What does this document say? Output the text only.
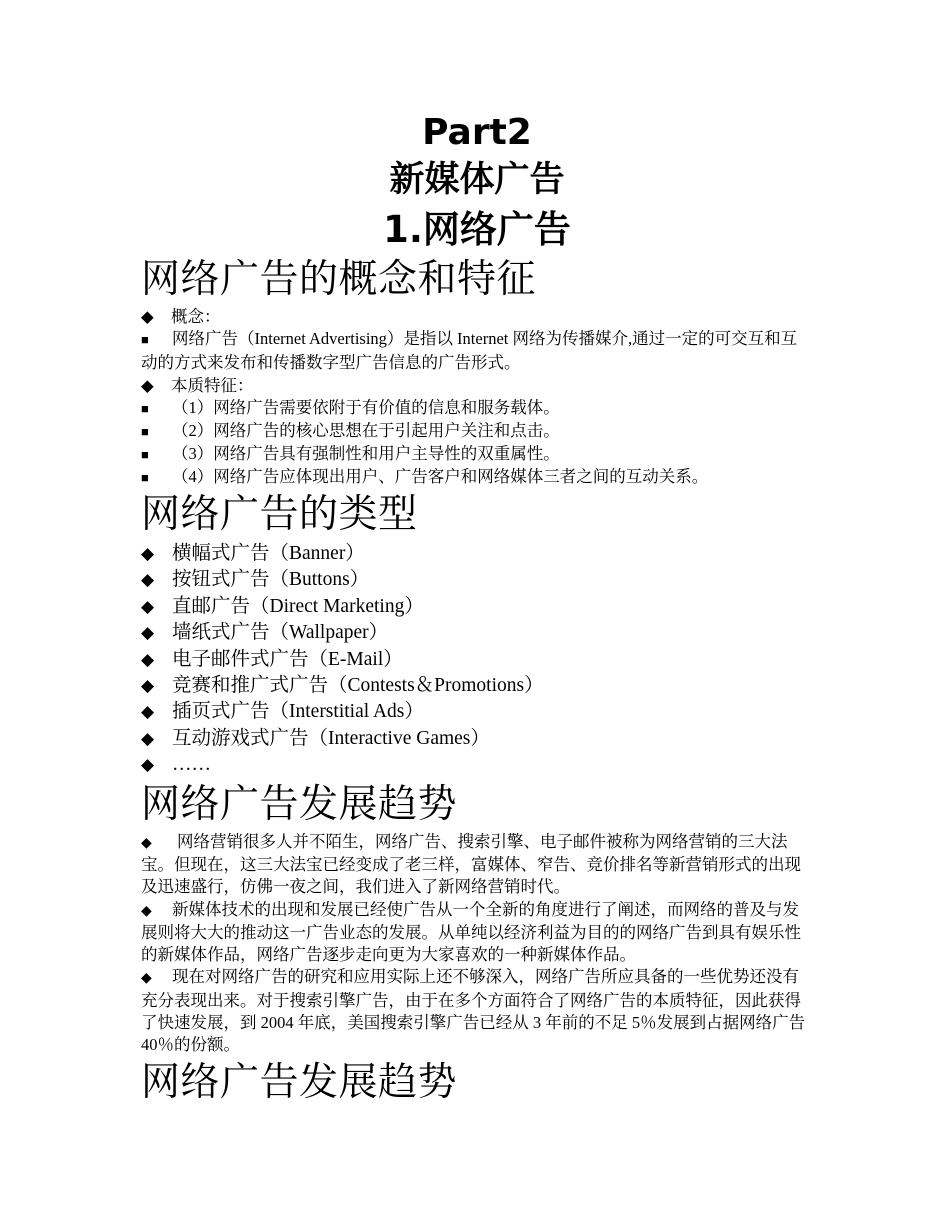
Part2

新媒体广告

1.网络广告

网络广告的概念和特征

◆ 概念：

■ 网络广告（Internet Advertising）是指以 Internet 网络为传播媒介,通过一定的可交互和互动的方式来发布和传播数字型广告信息的广告形式。

◆ 本质特征：

■ （1）网络广告需要依附于有价值的信息和服务载体。

■ （2）网络广告的核心思想在于引起用户关注和点击。

■ （3）网络广告具有强制性和用户主导性的双重属性。

■ （4）网络广告应体现出用户、广告客户和网络媒体三者之间的互动关系。

网络广告的类型

◆ 横幅式广告（Banner）

◆ 按钮式广告（Buttons）

◆ 直邮广告（Direct Marketing）

◆ 墙纸式广告（Wallpaper）

◆ 电子邮件式广告（E-Mail）

◆ 竞赛和推广式广告（Contests＆Promotions）

◆ 插页式广告（Interstitial Ads）

◆ 互动游戏式广告（Interactive Games）

◆ ……

网络广告发展趋势

◆ 网络营销很多人并不陌生，网络广告、搜索引擎、电子邮件被称为网络营销的三大法宝。但现在，这三大法宝已经变成了老三样，富媒体、窄告、竞价排名等新营销形式的出现及迅速盛行，仿佛一夜之间，我们进入了新网络营销时代。

◆ 新媒体技术的出现和发展已经使广告从一个全新的角度进行了阐述，而网络的普及与发展则将大大的推动这一广告业态的发展。从单纯以经济利益为目的的网络广告到具有娱乐性的新媒体作品，网络广告逐步走向更为大家喜欢的一种新媒体作品。

◆ 现在对网络广告的研究和应用实际上还不够深入，网络广告所应具备的一些优势还没有充分表现出来。对于搜索引擎广告，由于在多个方面符合了网络广告的本质特征，因此获得了快速发展，到 2004 年底，美国搜索引擎广告已经从 3 年前的不足 5％发展到占据网络广告 40％的份额。

网络广告发展趋势
